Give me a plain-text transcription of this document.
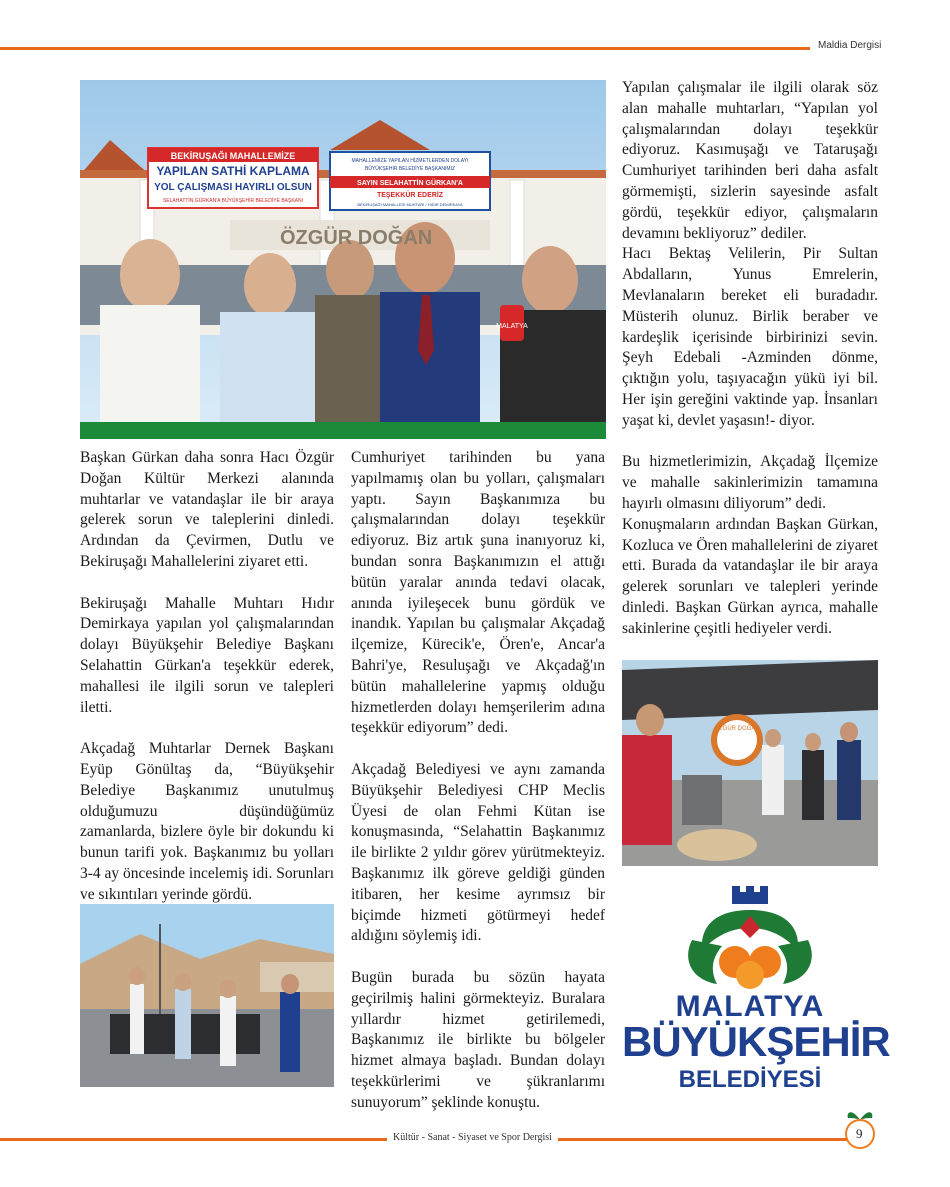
Maldia Dergisi
MALATYA
BEKİRUŞAĞI MAHALLEMİZE
YAPILAN SATHİ KAPLAMA
YOL ÇALIŞMASI HAYIRLI OLSUN
SELAHATTİN GÜRKAN'A BÜYÜKŞEHİR BELEDİYE BAŞKANI
MAHALLEMİZE YAPILAN HİZMETLERDEN DOLAYI
BÜYÜKŞEHİR BELEDİYE BAŞKANIMIZ
SAYIN SELAHATTİN GÜRKAN'A
TEŞEKKÜR EDERİZ
BEKİRUŞAĞI MAHALLESİ MUHTARI / HIDIR DEMİRKAYA
ÖZGÜR DOĞAN

Başkan Gürkan daha sonra Hacı Özgür Doğan Kültür Merkezi alanında muhtarlar ve vatandaşlar ile bir araya gelerek sorun ve taleplerini dinledi. Ardından da Çevirmen, Dutlu ve Bekiruşağı Mahallelerini ziyaret etti.

Bekiruşağı Mahalle Muhtarı Hıdır Demirkaya yapılan yol çalışmalarından dolayı Büyükşehir Belediye Başkanı Selahattin Gürkan'a teşekkür ederek, mahallesi ile ilgili sorun ve talepleri iletti.

Akçadağ Muhtarlar Dernek Başkanı Eyüp Gönültaş da, “Büyükşehir Belediye Başkanımız unutulmuş olduğumuzu düşündüğümüz zamanlarda, bizlere öyle bir dokundu ki bunun tarifi yok. Başkanımız bu yolları 3-4 ay öncesinde incelemiş idi. Sorunları ve sıkıntıları yerinde gördü.

Cumhuriyet tarihinden bu yana yapılmamış olan bu yolları, çalışmaları yaptı. Sayın Başkanımıza bu çalışmalarından dolayı teşekkür ediyoruz. Biz artık şuna inanıyoruz ki, bundan sonra Başkanımızın el attığı bütün yaralar anında tedavi olacak, anında iyileşecek bunu gördük ve inandık. Yapılan bu çalışmalar Akçadağ ilçemize, Kürecik'e, Ören'e, Ancar'a Bahri'ye, Resuluşağı ve Akçadağ'ın bütün mahallelerine yapmış olduğu hizmetlerden dolayı hemşerilerim adına teşekkür ediyorum” dedi.

Akçadağ Belediyesi ve aynı zamanda Büyükşehir Belediyesi CHP Meclis Üyesi de olan Fehmi Kütan ise konuşmasında, “Selahattin Başkanımız ile birlikte 2 yıldır görev yürütmekteyiz. Başkanımız ilk göreve geldiği günden itibaren, her kesime ayrımsız bir biçimde hizmeti götürmeyi hedef aldığını söylemiş idi.

Bugün burada bu sözün hayata geçirilmiş halini görmekteyiz. Buralara yıllardır hizmet getirilemedi, Başkanımız ile birlikte bu bölgeler hizmet almaya başladı. Bundan dolayı teşekkürlerimi ve şükranlarımı sunuyorum” şeklinde konuştu.

Yapılan çalışmalar ile ilgili olarak söz alan mahalle muhtarları, “Yapılan yol çalışmalarından dolayı teşekkür ediyoruz. Kasımuşağı ve Tataruşağı Cumhuriyet tarihinden beri daha asfalt görmemişti, sizlerin sayesinde asfalt gördü, teşekkür ediyor, çalışmaların devamını bekliyoruz” dediler.

Hacı Bektaş Velilerin, Pir Sultan Abdalların, Yunus Emrelerin, Mevlanaların bereket eli buradadır. Müsterih olunuz. Birlik beraber ve kardeşlik içerisinde birbirinizi sevin. Şeyh Edebali -Azminden dönme, çıktığın yolu, taşıyacağın yükü iyi bil. Her işin gereğini vaktinde yap. İnsanları yaşat ki, devlet yaşasın!- diyor.

Bu hizmetlerimizin, Akçadağ İlçemize ve mahalle sakinlerimizin tamamına hayırlı olmasını diliyorum” dedi.

Konuşmaların ardından Başkan Gürkan, Kozluca ve Ören mahallelerini de ziyaret etti. Burada da vatandaşlar ile bir araya gelerek sorunları ve talepleri yerinde dinledi. Başkan Gürkan ayrıca, mahalle sakinlerine çeşitli hediyeler verdi.

ÖZGÜR DOĞAN
MALATYA
BÜYÜKŞEHİR
BELEDİYESİ
Kültür - Sanat - Siyaset ve Spor Dergisi	9
